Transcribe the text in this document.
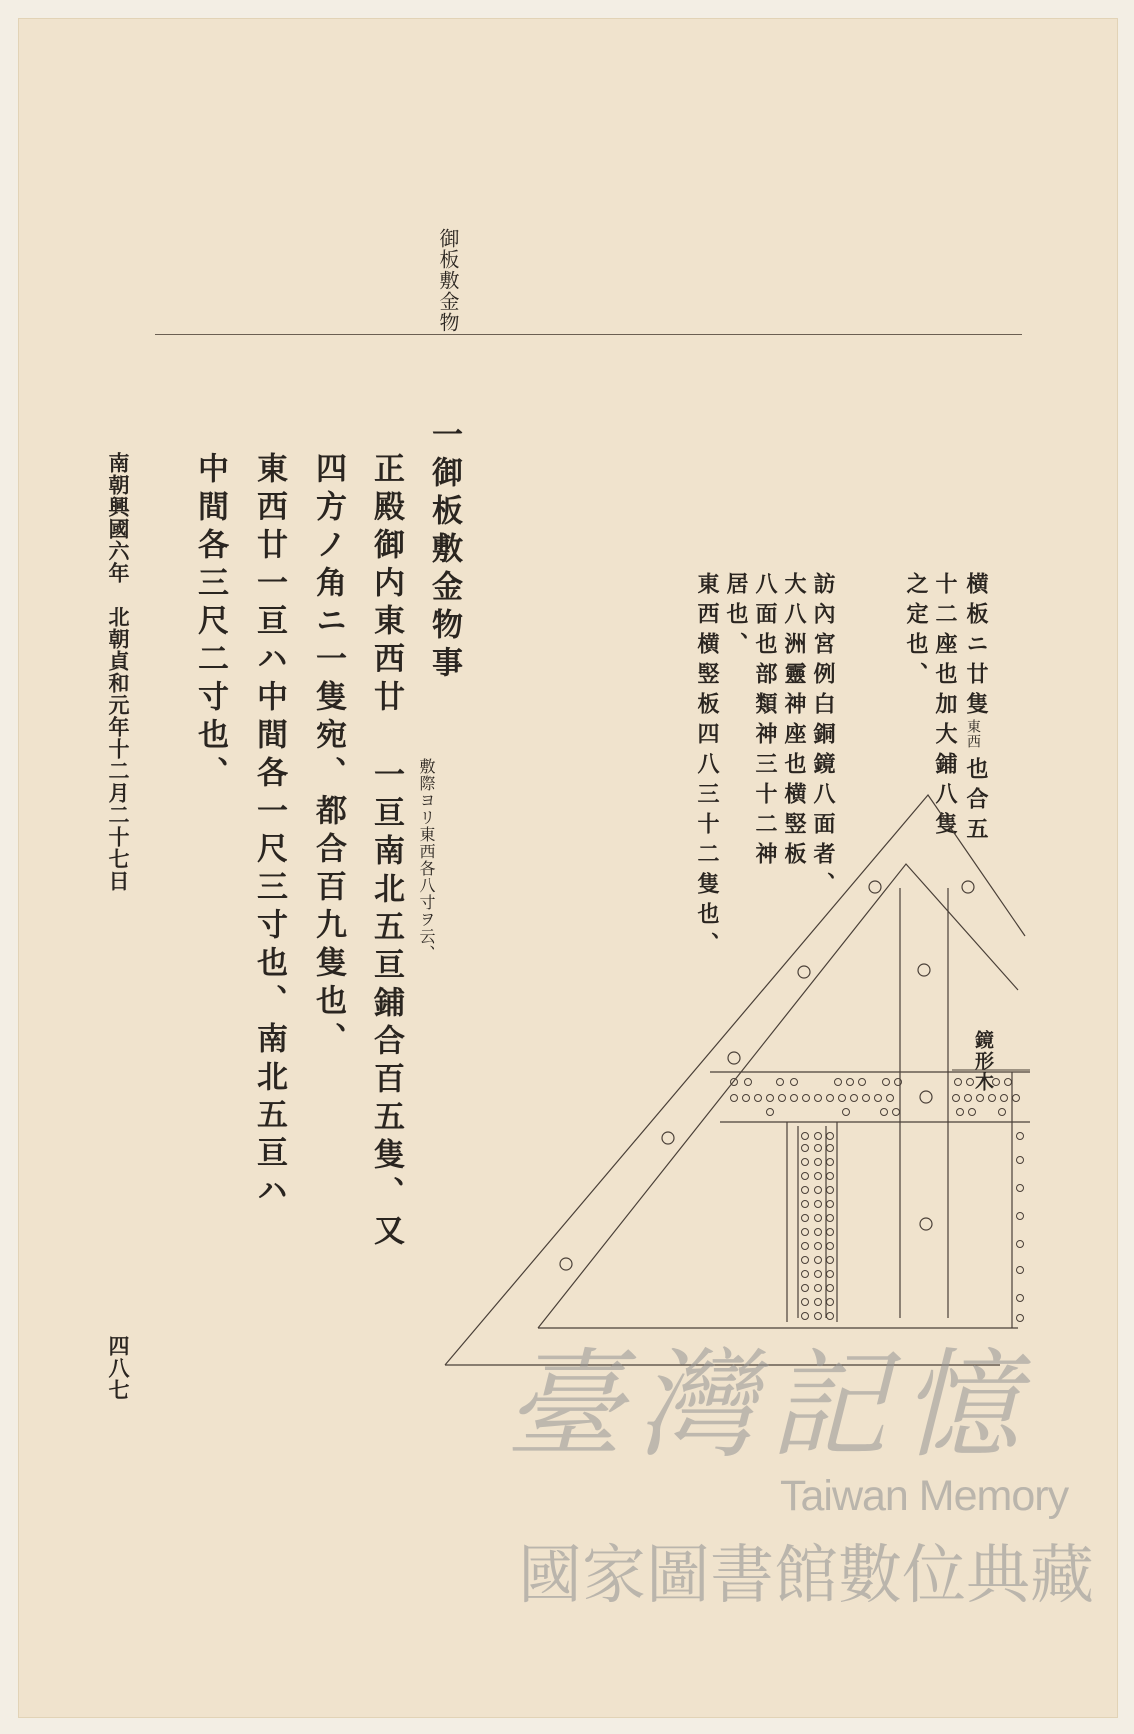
御板敷金物
一御板敷金物事
正殿御内東西廿
敷際ヨリ東西各八寸ヲ云、
一亘南北五亘鋪合百五隻、又
四方ノ角ニ一隻宛、都合百九隻也、
東西廿一亘ハ中間各一尺三寸也、南北五亘ハ
中間各三尺二寸也、
南朝興國六年　北朝貞和元年十二月二十七日
四八七
横板ニ廿隻
東西
也合五
十二座也加大鋪八隻
之定也、
訪內宮例白銅鏡八面者、
大八洲靈神座也横竪板
八面也部類神三十二神
居也、
東西横竪板四八三十二隻也、
鏡形木
臺灣記憶
Taiwan Memory
國家圖書館數位典藏
